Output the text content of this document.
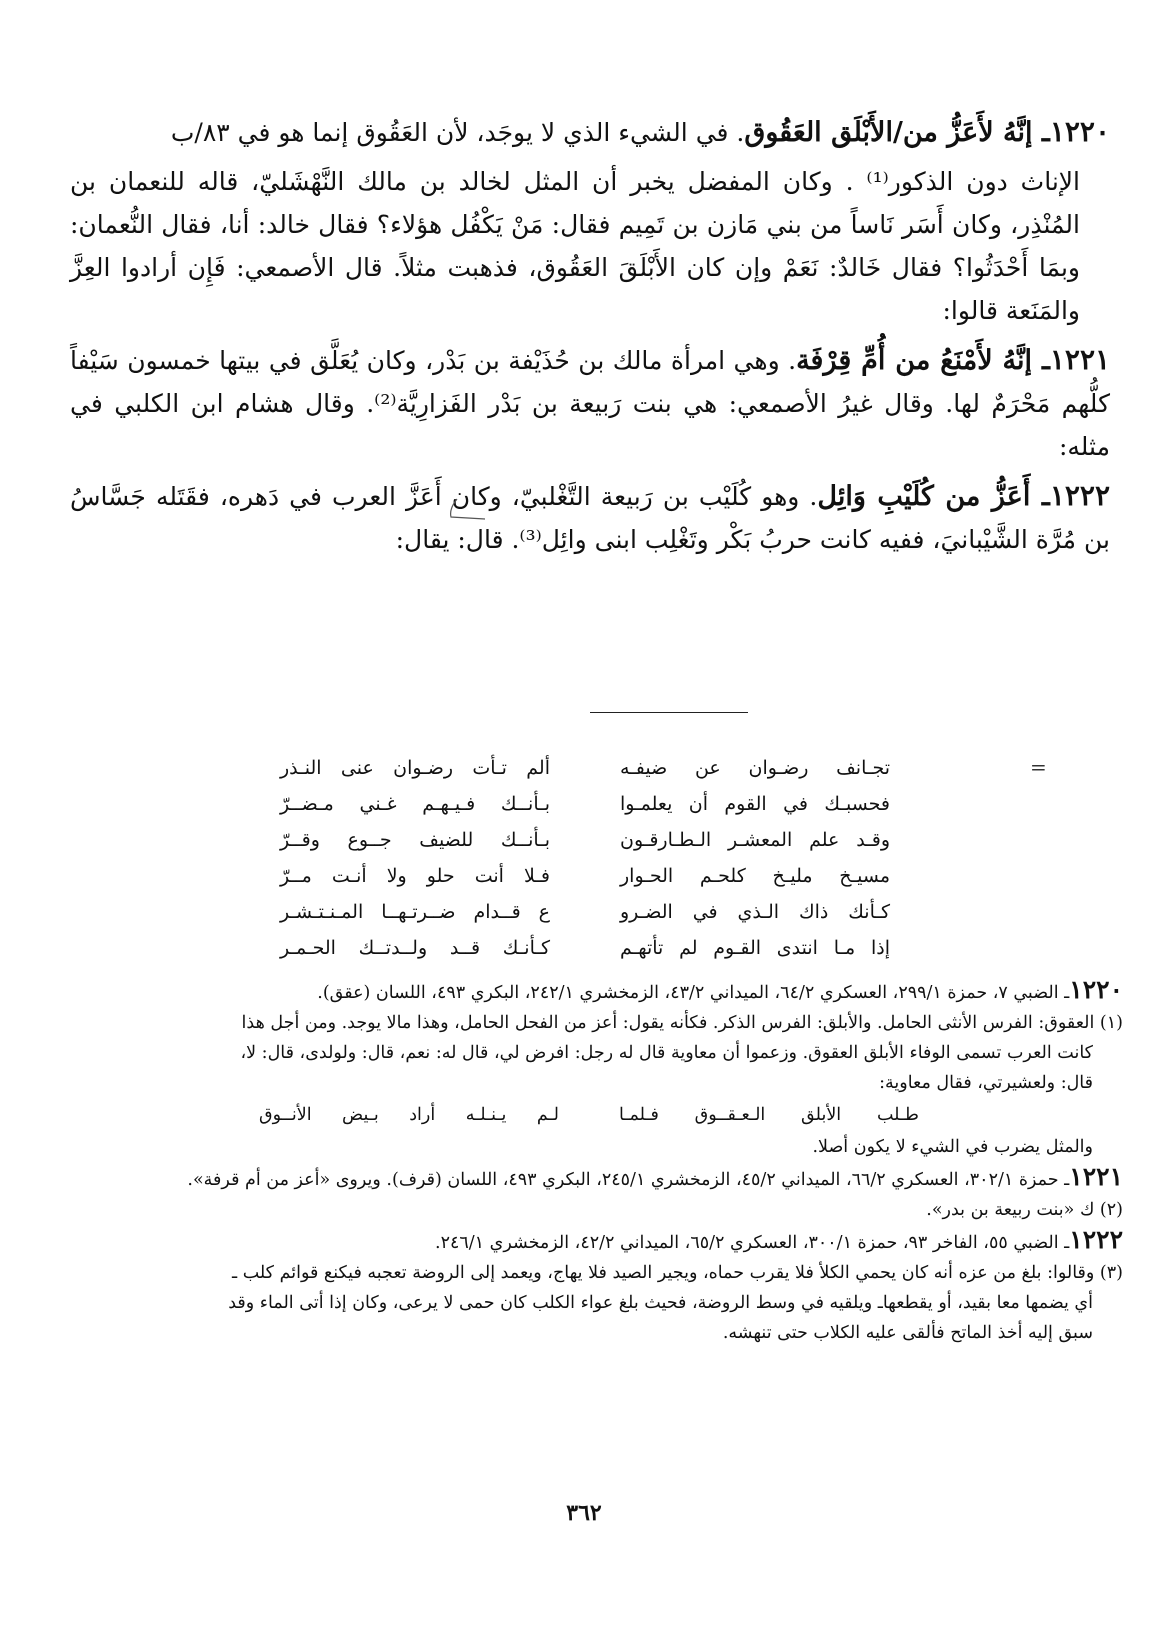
١٢٢٠ـ إنَّهُ لأَعَزُّ من/الأَبْلَق العَقُوق. في الشيء الذي لا يوجَد، لأن العَقُوق إنما هو في ٨٣/ب

الإناث دون الذكور⁽¹⁾ . وكان المفضل يخبر أن المثل لخالد بن مالك النَّهْشَليّ، قاله للنعمان بن المُنْذِر، وكان أَسَر نَاساً من بني مَازن بن تَمِيم فقال: مَنْ يَكْفُل هؤلاء؟ فقال خالد: أنا، فقال النُّعمان: وبمَا أَحْدَثُوا؟ فقال خَالدٌ: نَعَمْ وإن كان الأَبْلَقَ العَقُوق، فذهبت مثلاً. قال الأصمعي: فَإِن أرادوا العِزَّ والمَنَعة قالوا:

١٢٢١ـ إنَّهُ لأَمْنَعُ من أُمِّ قِرْفَة. وهي امرأة مالك بن حُذَيْفة بن بَدْر، وكان يُعَلَّق في بيتها خمسون سَيْفاً كلُّهم مَحْرَمٌ لها. وقال غيرُ الأصمعي: هي بنت رَبيعة بن بَدْر الفَزارِيَّة⁽²⁾. وقال هشام ابن الكلبي في مثله:

١٢٢٢ـ أَعَزُّ من كُلَيْبِ وَائِل. وهو كُلَيْب بن رَبيعة التَّغْلبيّ، وكان أَعَزَّ العرب في دَهره، فقَتَله جَسَّاسُ بن مُرَّة الشَّيْبانيَ، ففيه كانت حربُ بَكْر وتَغْلِب ابنى وائِل⁽³⁾. قال: يقال:

=
تجـانف رضـوان عن ضيفـه
ألم تـأت رضـوان عنى النـذر
فحسبـك في القوم أن يعلمـوا
بـأنــك فـيـهـم غـني مـضــرّ
وقـد علم المعشـر الـطـارقـون
بـأنــك للضيف جــوع وقــرّ
مسيـخ مليـخ كلحـم الحـوار
فـلا أنت حلو ولا أنـت مــرّ
كـأنك ذاك الـذي في الضـرو
ع قــدام ضــرتـهــا المـنـتـشـر
إذا مـا انتدى القـوم لم تأتهـم
كـأنـك قــد ولــدتــك الحـمـر

١٢٢٠ـ الضبي ٧، حمزة ٢٩٩/١، العسكري ٦٤/٢، الميداني ٤٣/٢، الزمخشري ٢٤٢/١، البكري ٤٩٣، اللسان (عقق).

(١) العقوق: الفرس الأنثى الحامل. والأبلق: الفرس الذكر. فكأنه يقول: أعز من الفحل الحامل، وهذا مالا يوجد. ومن أجل هذا

كانت العرب تسمى الوفاء الأبلق العقوق. وزعموا أن معاوية قال له رجل: افرض لي، قال له: نعم، قال: ولولدى، قال: لا،

قال: ولعشيرتي، فقال معاوية:

طـلب الأبلق الـعـقــوق فـلمـا
لـم يـنـلـه أراد بـيض الأنــوق

والمثل يضرب في الشيء لا يكون أصلا.

١٢٢١ـ حمزة ٣٠٢/١، العسكري ٦٦/٢، الميداني ٤٥/٢، الزمخشري ٢٤٥/١، البكري ٤٩٣، اللسان (قرف). ويروى «أعز من أم قرفة».

(٢) ك «بنت ربيعة بن بدر».

١٢٢٢ـ الضبي ٥٥، الفاخر ٩٣، حمزة ٣٠٠/١، العسكري ٦٥/٢، الميداني ٤٢/٢، الزمخشري ٢٤٦/١.

(٣) وقالوا: بلغ من عزه أنه كان يحمي الكلأ فلا يقرب حماه، ويجير الصيد فلا يهاج، ويعمد إلى الروضة تعجبه فيكنع قوائم كلب ـ

أي يضمها معا بقيد، أو يقطعهاـ ويلقيه في وسط الروضة، فحيث بلغ عواء الكلب كان حمى لا يرعى، وكان إذا أتى الماء وقد

سبق إليه أخذ الماتح فألقى عليه الكلاب حتى تنهشه.

٣٦٢
